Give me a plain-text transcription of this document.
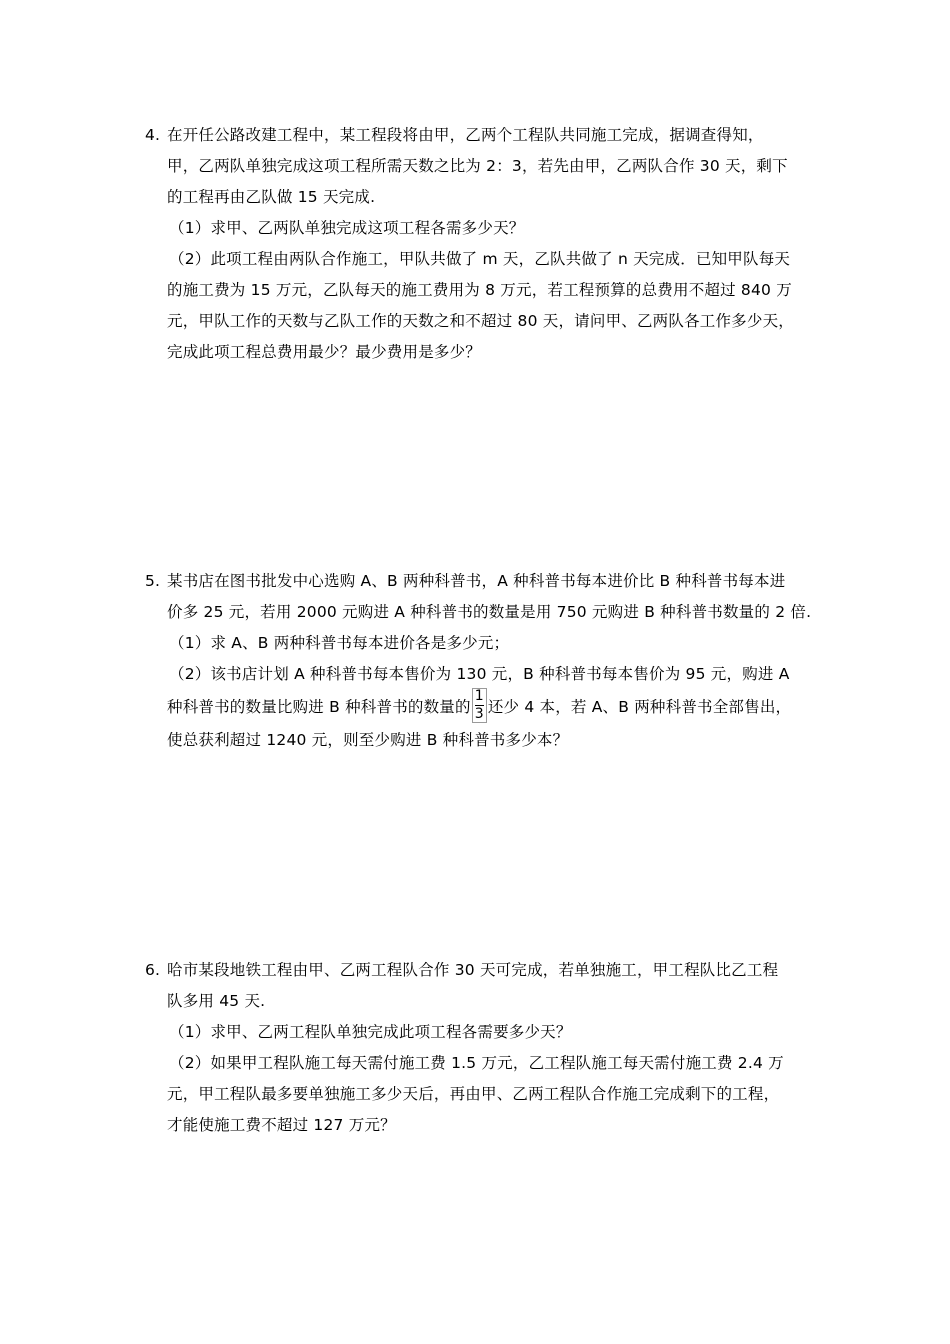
4. 在开任公路改建工程中，某工程段将由甲，乙两个工程队共同施工完成，据调查得知，
甲，乙两队单独完成这项工程所需天数之比为 2：3，若先由甲，乙两队合作 30 天，剩下
的工程再由乙队做 15 天完成.
（1）求甲、乙两队单独完成这项工程各需多少天？
（2）此项工程由两队合作施工，甲队共做了 m 天，乙队共做了 n 天完成．已知甲队每天
的施工费为 15 万元，乙队每天的施工费用为 8 万元，若工程预算的总费用不超过 840 万
元，甲队工作的天数与乙队工作的天数之和不超过 80 天，请问甲、乙两队各工作多少天，
完成此项工程总费用最少？最少费用是多少？
5. 某书店在图书批发中心选购 A、B 两种科普书，A 种科普书每本进价比 B 种科普书每本进
价多 25 元，若用 2000 元购进 A 种科普书的数量是用 750 元购进 B 种科普书数量的 2 倍.
（1）求 A、B 两种科普书每本进价各是多少元；
（2）该书店计划 A 种科普书每本售价为 130 元，B 种科普书每本售价为 95 元，购进 A
种科普书的数量比购进 B 种科普书的数量的 $\frac{1}{3}$ 还少 4 本，若 A、B 两种科普书全部售出，
使总获利超过 1240 元，则至少购进 B 种科普书多少本？
6. 哈市某段地铁工程由甲、乙两工程队合作 30 天可完成，若单独施工，甲工程队比乙工程
队多用 45 天.
（1）求甲、乙两工程队单独完成此项工程各需要多少天？
（2）如果甲工程队施工每天需付施工费 1.5 万元，乙工程队施工每天需付施工费 2.4 万
元，甲工程队最多要单独施工多少天后，再由甲、乙两工程队合作施工完成剩下的工程，
才能使施工费不超过 127 万元？
